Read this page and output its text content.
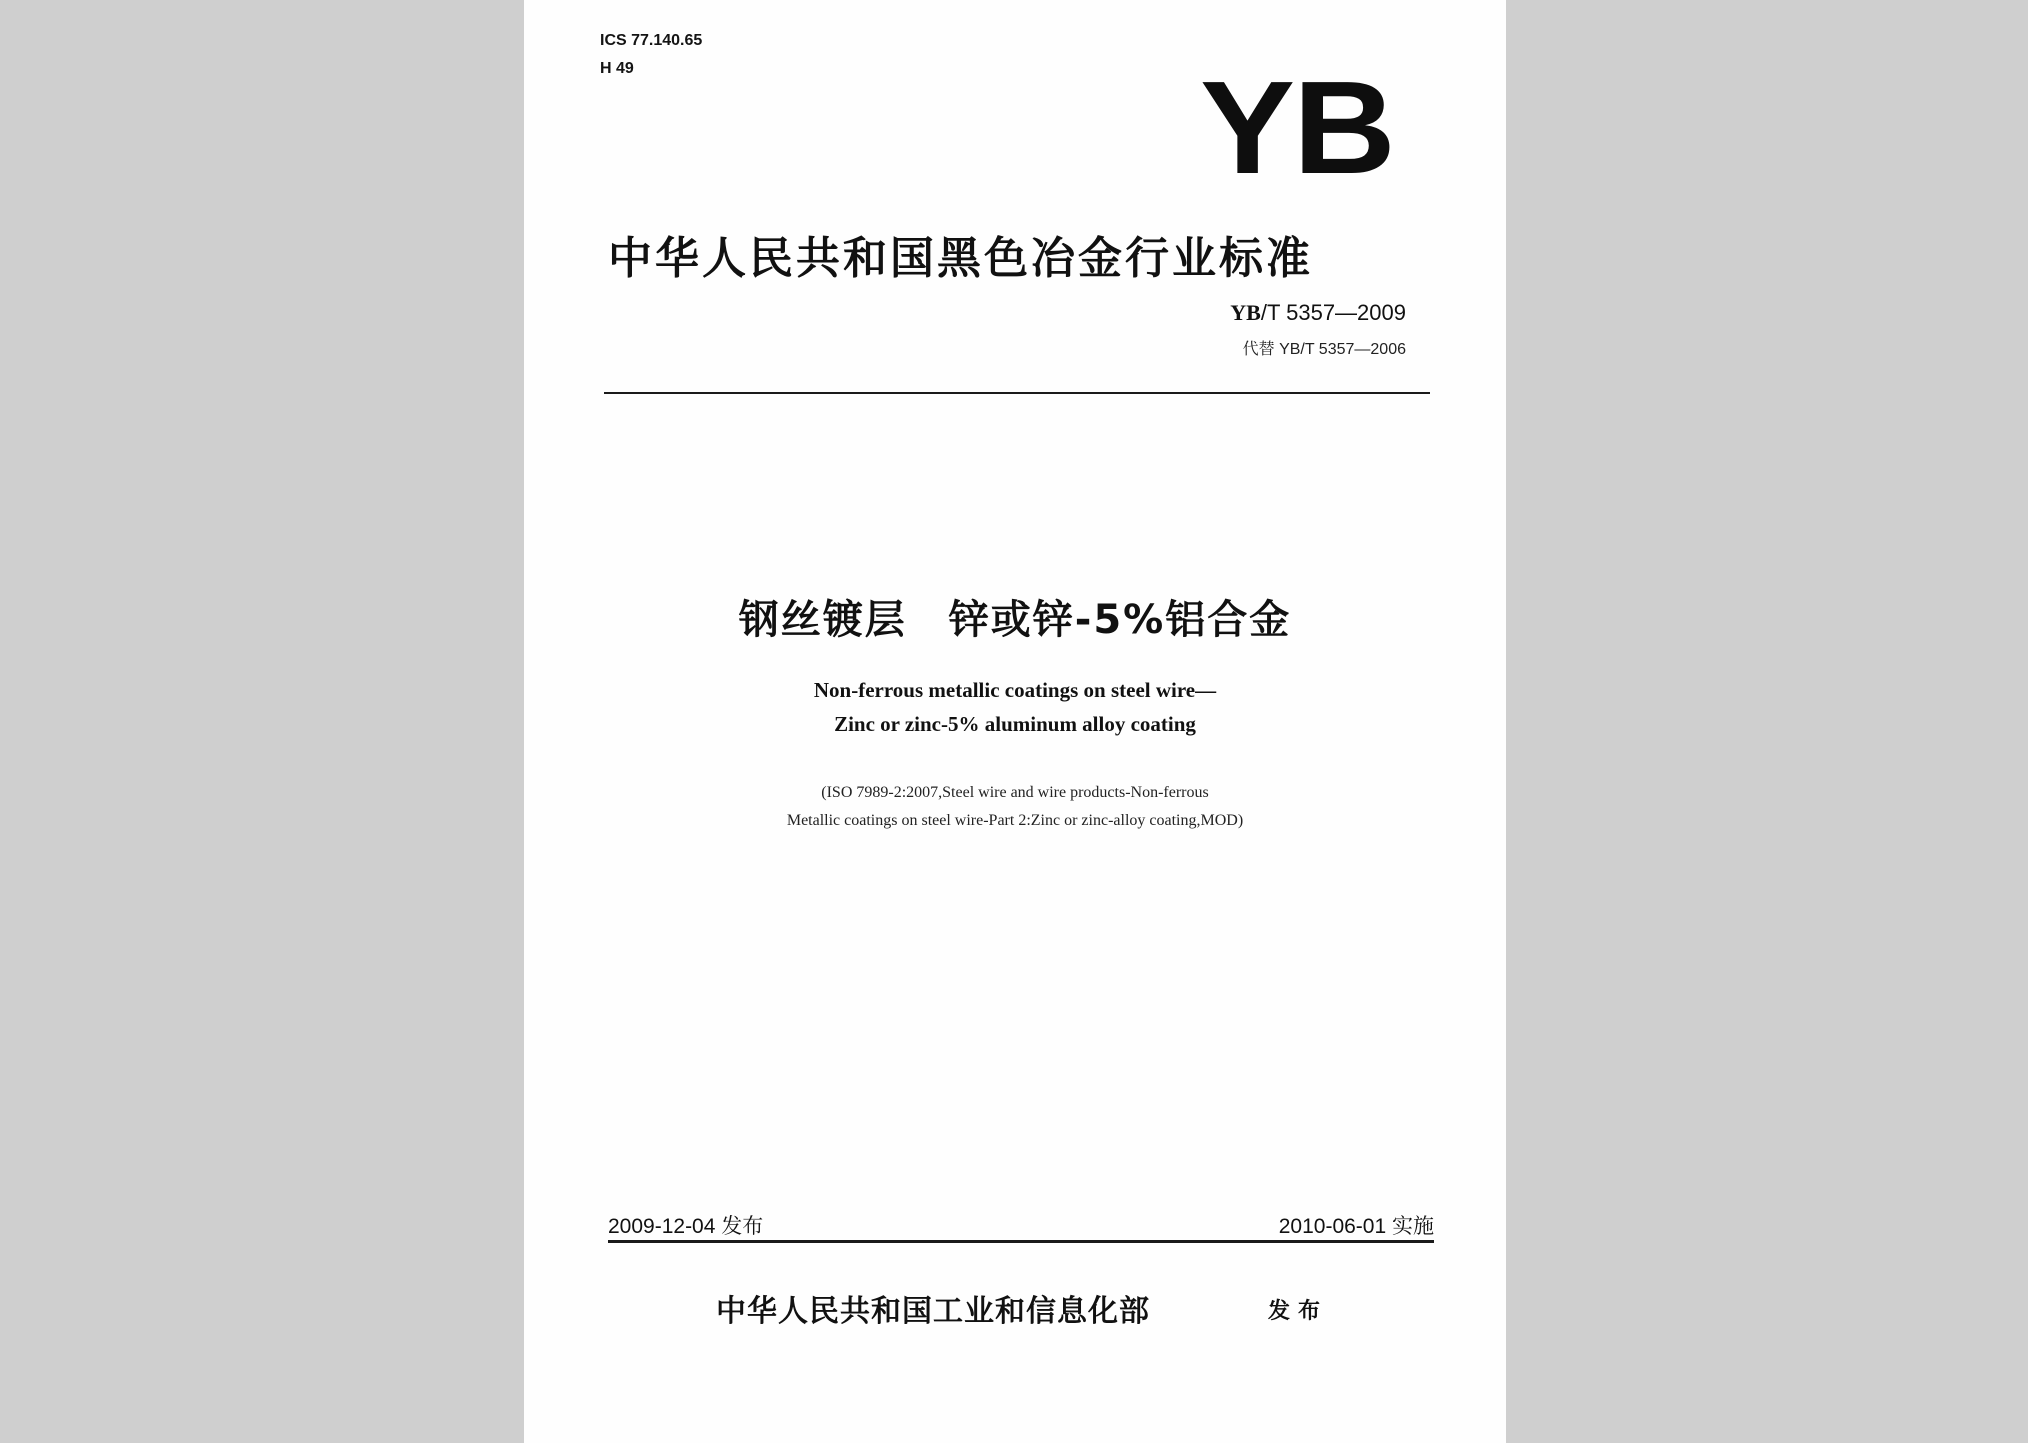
ICS 77.140.65
H 49	YB
中华人民共和国黑色冶金行业标准
YB/T 5357—2009
代替 YB/T 5357—2006
钢丝镀层　锌或锌-5%铝合金
Non-ferrous metallic coatings on steel wire—
Zinc or zinc-5% aluminum alloy coating
(ISO 7989-2:2007,Steel wire and wire products-Non-ferrous
Metallic coatings on steel wire-Part 2:Zinc or zinc-alloy coating,MOD)
2009-12-04 发布	2010-06-01 实施
中华人民共和国工业和信息化部	发布
